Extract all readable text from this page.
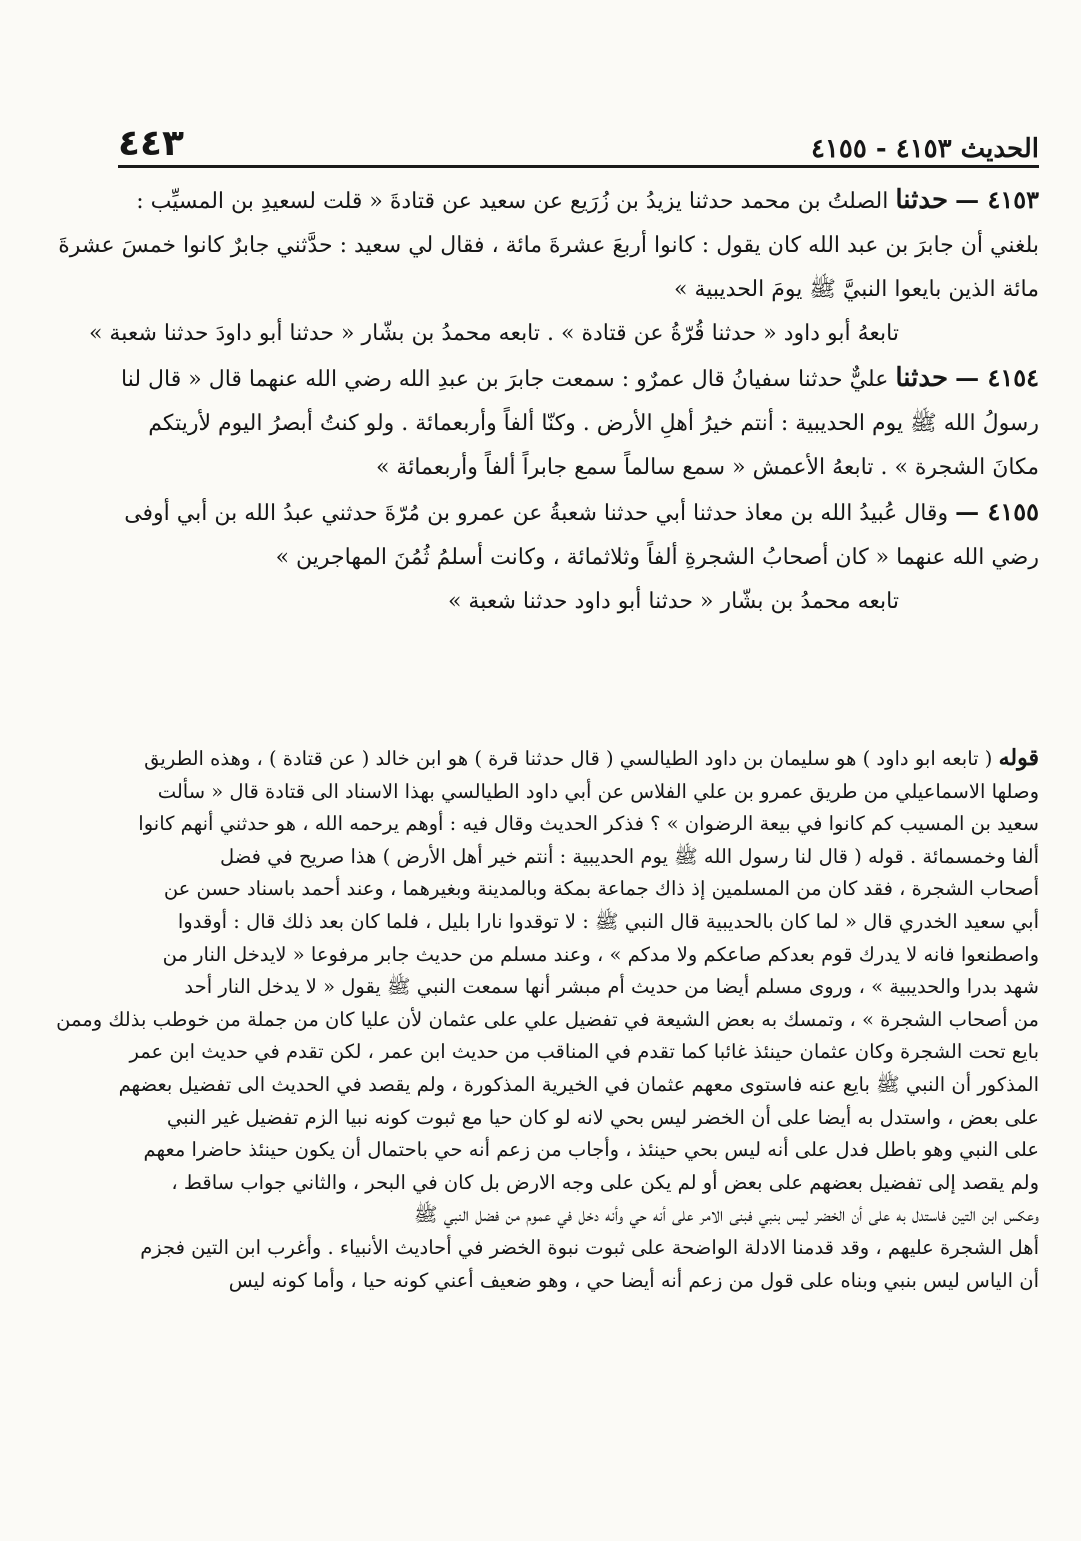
الحديث ٤١٥٣ - ٤١٥٥
٤٤٣

٤١٥٣ — حدثنا الصلتُ بن محمد حدثنا يزيدُ بن زُرَيع عن سعيد عن قتادةَ « قلت لسعيدِ بن المسيِّب :

بلغني أن جابرَ بن عبد الله كان يقول : كانوا أربعَ عشرةَ مائة ، فقال لي سعيد : حدَّثني جابرٌ كانوا خمسَ عشرةَ

مائة الذين بايعوا النبيَّ ﷺ يومَ الحديبية »

تابعهُ أبو داود « حدثنا قُرّةُ عن قتادة » . تابعه محمدُ بن بشّار « حدثنا أبو داودَ حدثنا شعبة »

٤١٥٤ — حدثنا عليٌّ حدثنا سفيانُ قال عمرٌو : سمعت جابرَ بن عبدِ الله رضي الله عنهما قال « قال لنا

رسولُ الله ﷺ يوم الحديبية : أنتم خيرُ أهلِ الأرض . وكنّا ألفاً وأربعمائة . ولو كنتُ أبصرُ اليوم لأريتكم

مكانَ الشجرة » . تابعهُ الأعمش « سمع سالماً سمع جابراً ألفاً وأربعمائة »

٤١٥٥ — وقال عُبيدُ الله بن معاذ حدثنا أبي حدثنا شعبةُ عن عمرو بن مُرّةَ حدثني عبدُ الله بن أبي أوفى

رضي الله عنهما « كان أصحابُ الشجرةِ ألفاً وثلاثمائة ، وكانت أسلمُ ثُمُنَ المهاجرين »

تابعه محمدُ بن بشّار « حدثنا أبو داود حدثنا شعبة »

قوله ( تابعه ابو داود ) هو سليمان بن داود الطيالسي ( قال حدثنا قرة ) هو ابن خالد ( عن قتادة ) ، وهذه الطريق

وصلها الاسماعيلي من طريق عمرو بن علي الفلاس عن أبي داود الطيالسي بهذا الاسناد الى قتادة قال « سألت

سعيد بن المسيب كم كانوا في بيعة الرضوان » ؟ فذكر الحديث وقال فيه : أوهم يرحمه الله ، هو حدثني أنهم كانوا

ألفا وخمسمائة . قوله ( قال لنا رسول الله ﷺ يوم الحديبية : أنتم خير أهل الأرض ) هذا صريح في فضل

أصحاب الشجرة ، فقد كان من المسلمين إذ ذاك جماعة بمكة وبالمدينة وبغيرهما ، وعند أحمد باسناد حسن عن

أبي سعيد الخدري قال « لما كان بالحديبية قال النبي ﷺ : لا توقدوا نارا بليل ، فلما كان بعد ذلك قال : أوقدوا

واصطنعوا فانه لا يدرك قوم بعدكم صاعكم ولا مدكم » ، وعند مسلم من حديث جابر مرفوعا « لايدخل النار من

شهد بدرا والحديبية » ، وروى مسلم أيضا من حديث أم مبشر أنها سمعت النبي ﷺ يقول « لا يدخل النار أحد

من أصحاب الشجرة » ، وتمسك به بعض الشيعة في تفضيل علي على عثمان لأن عليا كان من جملة من خوطب بذلك وممن

بايع تحت الشجرة وكان عثمان حينئذ غائبا كما تقدم في المناقب من حديث ابن عمر ، لكن تقدم في حديث ابن عمر

المذكور أن النبي ﷺ بايع عنه فاستوى معهم عثمان في الخيرية المذكورة ، ولم يقصد في الحديث الى تفضيل بعضهم

على بعض ، واستدل به أيضا على أن الخضر ليس بحي لانه لو كان حيا مع ثبوت كونه نبيا الزم تفضيل غير النبي

على النبي وهو باطل فدل على أنه ليس بحي حينئذ ، وأجاب من زعم أنه حي باحتمال أن يكون حينئذ حاضرا معهم

ولم يقصد إلى تفضيل بعضهم على بعض أو لم يكن على وجه الارض بل كان في البحر ، والثاني جواب ساقط ،

وعكس ابن التين فاستدل به على أن الخضر ليس بنبي فبنى الامر على أنه حي وأنه دخل في عموم من فضل النبي ﷺ

أهل الشجرة عليهم ، وقد قدمنا الادلة الواضحة على ثبوت نبوة الخضر في أحاديث الأنبياء . وأغرب ابن التين فجزم

أن الياس ليس بنبي وبناه على قول من زعم أنه أيضا حي ، وهو ضعيف أعني كونه حيا ، وأما كونه ليس
